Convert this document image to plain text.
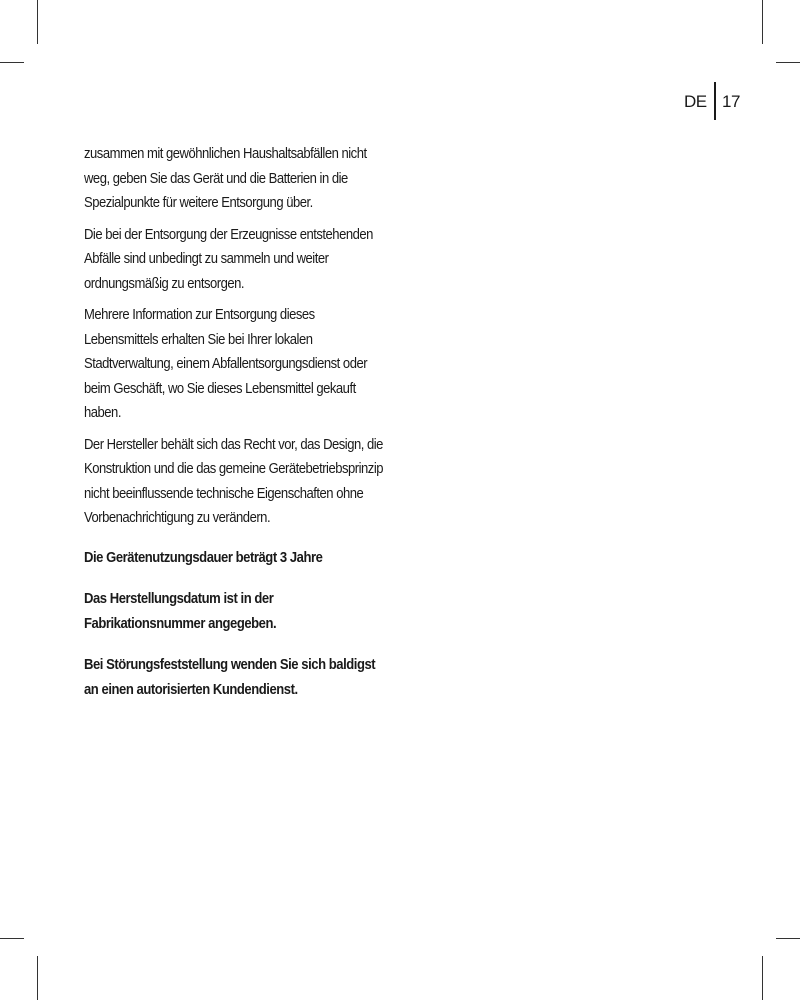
DE 17

zusammen mit gewöhnlichen Haushaltsabfällen nicht weg, geben Sie das Gerät und die Batterien in die Spezialpunkte für weitere Entsorgung über.

Die bei der Entsorgung der Erzeugnisse entstehenden Abfälle sind unbedingt zu sammeln und weiter ordnungsmäßig zu entsorgen.

Mehrere Information zur Entsorgung dieses Lebensmittels erhalten Sie bei Ihrer lokalen Stadtverwaltung, einem Abfallentsorgungsdienst oder beim Geschäft, wo Sie dieses Lebensmittel gekauft haben.

Der Hersteller behält sich das Recht vor, das Design, die Konstruktion und die das gemeine Gerätebetriebsprinzip nicht beeinflussende technische Eigenschaften ohne Vorbenachrichtigung zu verändern.

Die Gerätenutzungsdauer beträgt 3 Jahre

Das Herstellungsdatum ist in der Fabrikationsnummer angegeben.

Bei Störungsfeststellung wenden Sie sich baldigst an einen autorisierten Kundendienst.
